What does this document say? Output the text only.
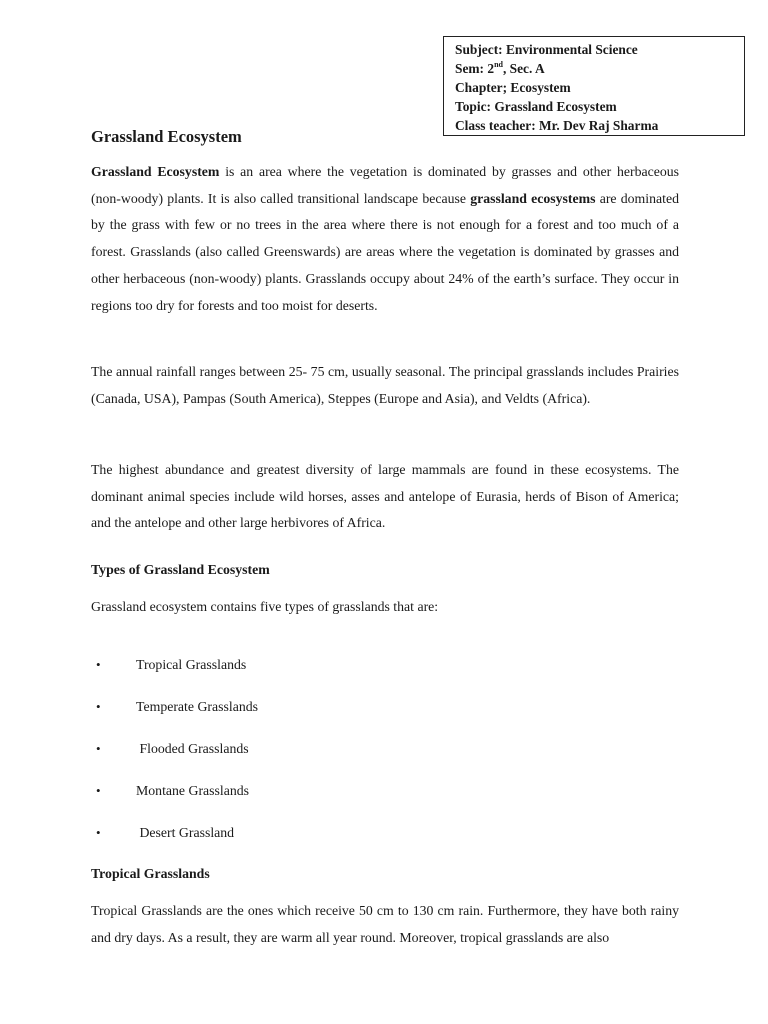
Subject: Environmental Science
Sem: 2nd, Sec. A
Chapter; Ecosystem
Topic: Grassland Ecosystem
Class teacher: Mr. Dev Raj Sharma
Grassland Ecosystem

Grassland Ecosystem is an area where the vegetation is dominated by grasses and other herbaceous (non-woody) plants. It is also called transitional landscape because grassland ecosystems are dominated by the grass with few or no trees in the area where there is not enough for a forest and too much of a forest. Grasslands (also called Greenswards) are areas where the vegetation is dominated by grasses and other herbaceous (non-woody) plants. Grasslands occupy about 24% of the earth’s surface. They occur in regions too dry for forests and too moist for deserts.

The annual rainfall ranges between 25- 75 cm, usually seasonal. The principal grasslands includes Prairies (Canada, USA), Pampas (South America), Steppes (Europe and Asia), and Veldts (Africa).

The highest abundance and greatest diversity of large mammals are found in these ecosystems. The dominant animal species include wild horses, asses and antelope of Eurasia, herds of Bison of America; and the antelope and other large herbivores of Africa.

Types of Grassland Ecosystem

Grassland ecosystem contains five types of grasslands that are:

•	Tropical Grasslands
•	Temperate Grasslands
•	Flooded Grasslands
•	Montane Grasslands
•	Desert Grassland
Tropical Grasslands

Tropical Grasslands are the ones which receive 50 cm to 130 cm rain. Furthermore, they have both rainy and dry days. As a result, they are warm all year round. Moreover, tropical grasslands are also
